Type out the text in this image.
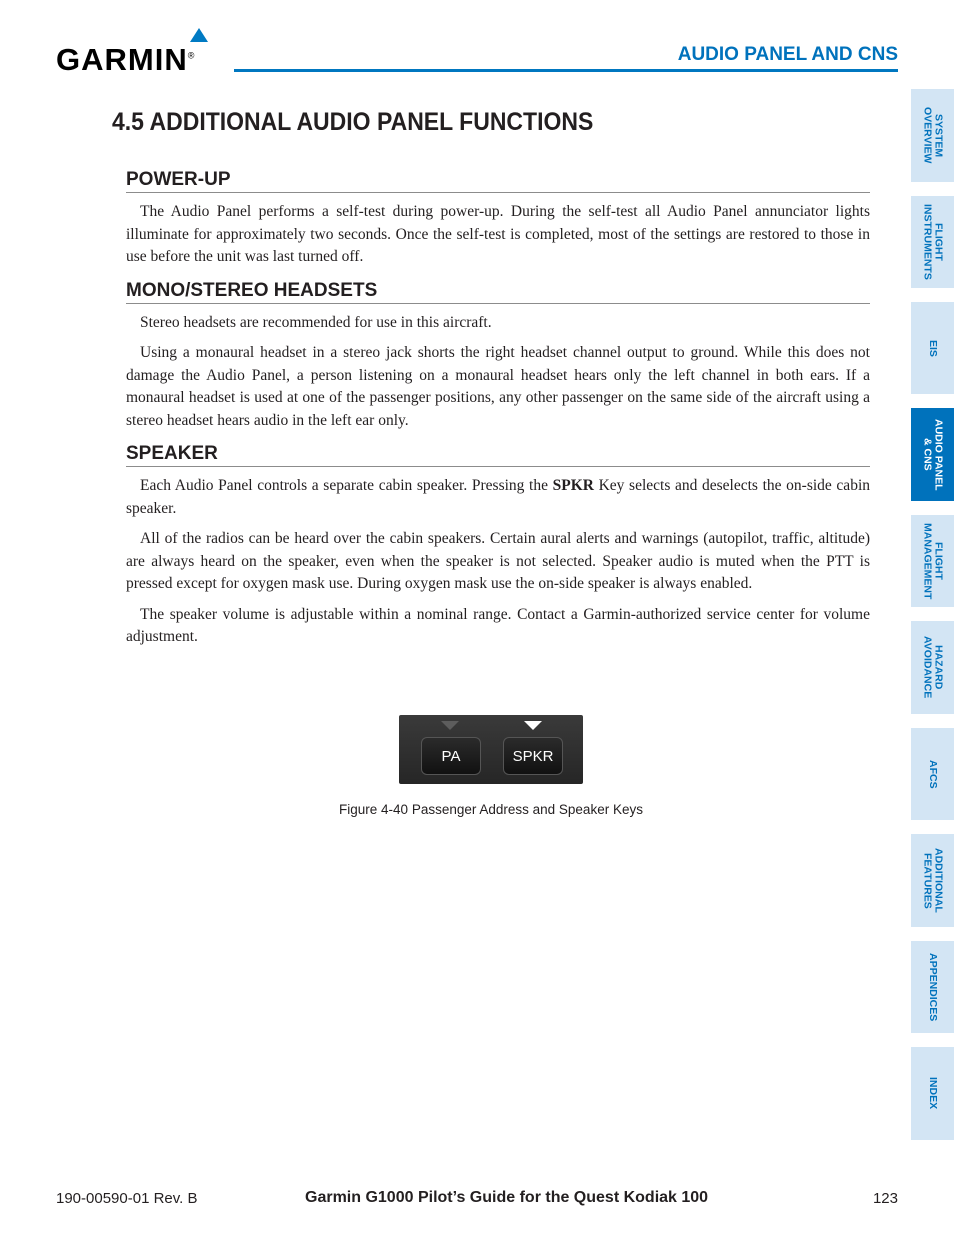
GARMIN®	AUDIO PANEL AND CNS
4.5 ADDITIONAL AUDIO PANEL FUNCTIONS
POWER-UP

The Audio Panel performs a self-test during power-up. During the self-test all Audio Panel annunciator lights illuminate for approximately two seconds. Once the self-test is completed, most of the settings are restored to those in use before the unit was last turned off.

MONO/STEREO HEADSETS

Stereo headsets are recommended for use in this aircraft.

Using a monaural headset in a stereo jack shorts the right headset channel output to ground. While this does not damage the Audio Panel, a person listening on a monaural headset hears only the left channel in both ears. If a monaural headset is used at one of the passenger positions, any other passenger on the same side of the aircraft using a stereo headset hears audio in the left ear only.

SPEAKER

Each Audio Panel controls a separate cabin speaker. Pressing the SPKR Key selects and deselects the on-side cabin speaker.

All of the radios can be heard over the cabin speakers. Certain aural alerts and warnings (autopilot, traffic, altitude) are always heard on the speaker, even when the speaker is not selected. Speaker audio is muted when the PTT is pressed except for oxygen mask use. During oxygen mask use the on-side speaker is always enabled.

The speaker volume is adjustable within a nominal range. Contact a Garmin-authorized service center for volume adjustment.

PA	SPKR
Figure 4-40 Passenger Address and Speaker Keys
SYSTEM
OVERVIEW
FLIGHT
INSTRUMENTS
EIS
AUDIO PANEL
& CNS
FLIGHT
MANAGEMENT
HAZARD
AVOIDANCE
AFCS
ADDITIONAL
FEATURES
APPENDICES
INDEX
190-00590-01 Rev. B	Garmin G1000 Pilot’s Guide for the Quest Kodiak 100	123
